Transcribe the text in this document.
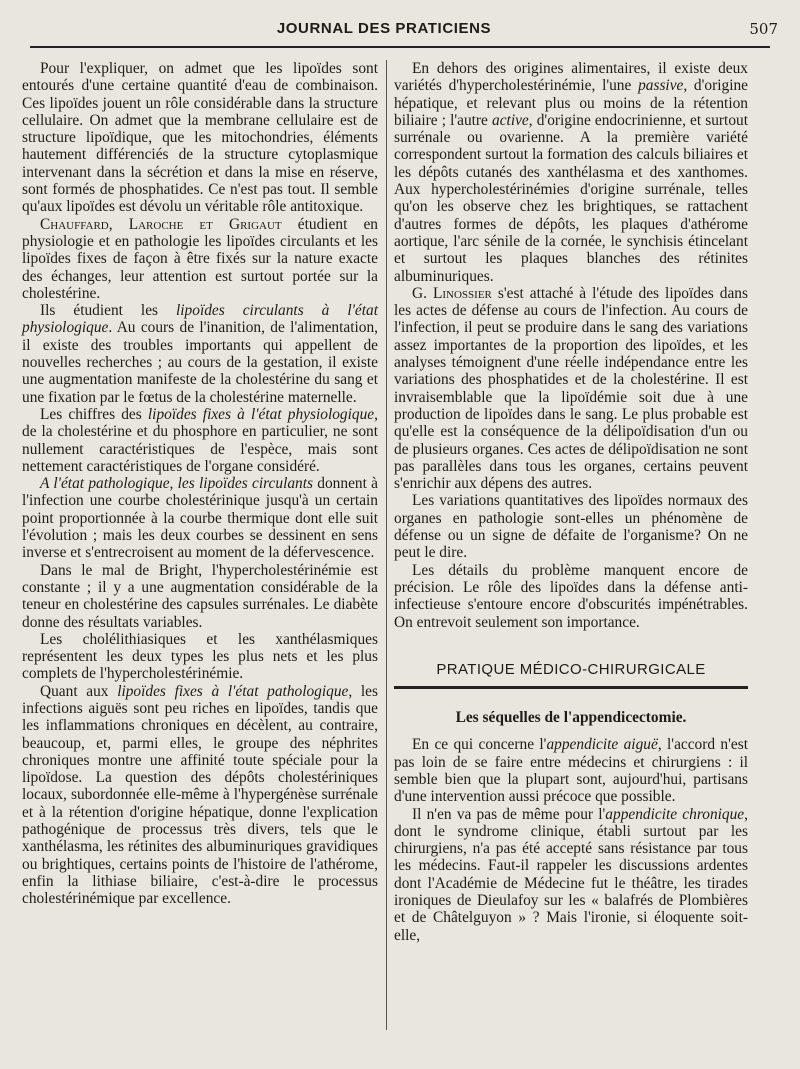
JOURNAL DES PRATICIENS	507

Pour l'expliquer, on admet que les lipoïdes sont entourés d'une certaine quantité d'eau de combinaison. Ces lipoïdes jouent un rôle considérable dans la structure cellulaire. On admet que la membrane cellulaire est de structure lipoïdique, que les mitochondries, éléments hautement différenciés de la structure cytoplasmique intervenant dans la sécrétion et dans la mise en réserve, sont formés de phosphatides. Ce n'est pas tout. Il semble qu'aux lipoïdes est dévolu un véritable rôle antitoxique.

Chauffard, Laroche et Grigaut étudient en physiologie et en pathologie les lipoïdes circulants et les lipoïdes fixes de façon à être fixés sur la nature exacte des échanges, leur attention est surtout portée sur la cholestérine.

Ils étudient les lipoïdes circulants à l'état physiologique. Au cours de l'inanition, de l'alimentation, il existe des troubles importants qui appellent de nouvelles recherches ; au cours de la gestation, il existe une augmentation manifeste de la cholestérine du sang et une fixation par le fœtus de la cholestérine maternelle.

Les chiffres des lipoïdes fixes à l'état physiologique, de la cholestérine et du phosphore en particulier, ne sont nullement caractéristiques de l'espèce, mais sont nettement caractéristiques de l'organe considéré.

A l'état pathologique, les lipoïdes circulants donnent à l'infection une courbe cholestérinique jusqu'à un certain point proportionnée à la courbe thermique dont elle suit l'évolution ; mais les deux courbes se dessinent en sens inverse et s'entrecroisent au moment de la défervescence.

Dans le mal de Bright, l'hypercholestérinémie est constante ; il y a une augmentation considérable de la teneur en cholestérine des capsules surrénales. Le diabète donne des résultats variables.

Les cholélithiasiques et les xanthélasmiques représentent les deux types les plus nets et les plus complets de l'hypercholestérinémie.

Quant aux lipoïdes fixes à l'état pathologique, les infections aiguës sont peu riches en lipoïdes, tandis que les inflammations chroniques en décèlent, au contraire, beaucoup, et, parmi elles, le groupe des néphrites chroniques montre une affinité toute spéciale pour la lipoïdose. La question des dépôts cholestériniques locaux, subordonnée elle-même à l'hypergénèse surrénale et à la rétention d'origine hépatique, donne l'explication pathogénique de processus très divers, tels que le xanthélasma, les rétinites des albuminuriques gravidiques ou brightiques, certains points de l'histoire de l'athérome, enfin la lithiase biliaire, c'est-à-dire le processus cholestérinémique par excellence.

En dehors des origines alimentaires, il existe deux variétés d'hypercholestérinémie, l'une passive, d'origine hépatique, et relevant plus ou moins de la rétention biliaire ; l'autre active, d'origine endocrinienne, et surtout surrénale ou ovarienne. A la première variété correspondent surtout la formation des calculs biliaires et les dépôts cutanés des xanthélasma et des xanthomes. Aux hypercholestérinémies d'origine surrénale, telles qu'on les observe chez les brightiques, se rattachent d'autres formes de dépôts, les plaques d'athérome aortique, l'arc sénile de la cornée, le synchisis étincelant et surtout les plaques blanches des rétinites albuminuriques.

G. Linossier s'est attaché à l'étude des lipoïdes dans les actes de défense au cours de l'infection. Au cours de l'infection, il peut se produire dans le sang des variations assez importantes de la proportion des lipoïdes, et les analyses témoignent d'une réelle indépendance entre les variations des phosphatides et de la cholestérine. Il est invraisemblable que la lipoïdémie soit due à une production de lipoïdes dans le sang. Le plus probable est qu'elle est la conséquence de la délipoïdisation d'un ou de plusieurs organes. Ces actes de délipoïdisation ne sont pas parallèles dans tous les organes, certains peuvent s'enrichir aux dépens des autres.

Les variations quantitatives des lipoïdes normaux des organes en pathologie sont-elles un phénomène de défense ou un signe de défaite de l'organisme? On ne peut le dire.

Les détails du problème manquent encore de précision. Le rôle des lipoïdes dans la défense anti-infectieuse s'entoure encore d'obscurités impénétrables. On entrevoit seulement son importance.

PRATIQUE MÉDICO-CHIRURGICALE
Les séquelles de l'appendicectomie.

En ce qui concerne l'appendicite aiguë, l'accord n'est pas loin de se faire entre médecins et chirurgiens : il semble bien que la plupart sont, aujourd'hui, partisans d'une intervention aussi précoce que possible.

Il n'en va pas de même pour l'appendicite chronique, dont le syndrome clinique, établi surtout par les chirurgiens, n'a pas été accepté sans résistance par tous les médecins. Faut-il rappeler les discussions ardentes dont l'Académie de Médecine fut le théâtre, les tirades ironiques de Dieulafoy sur les « balafrés de Plombières et de Châtelguyon » ? Mais l'ironie, si éloquente soit-elle,
